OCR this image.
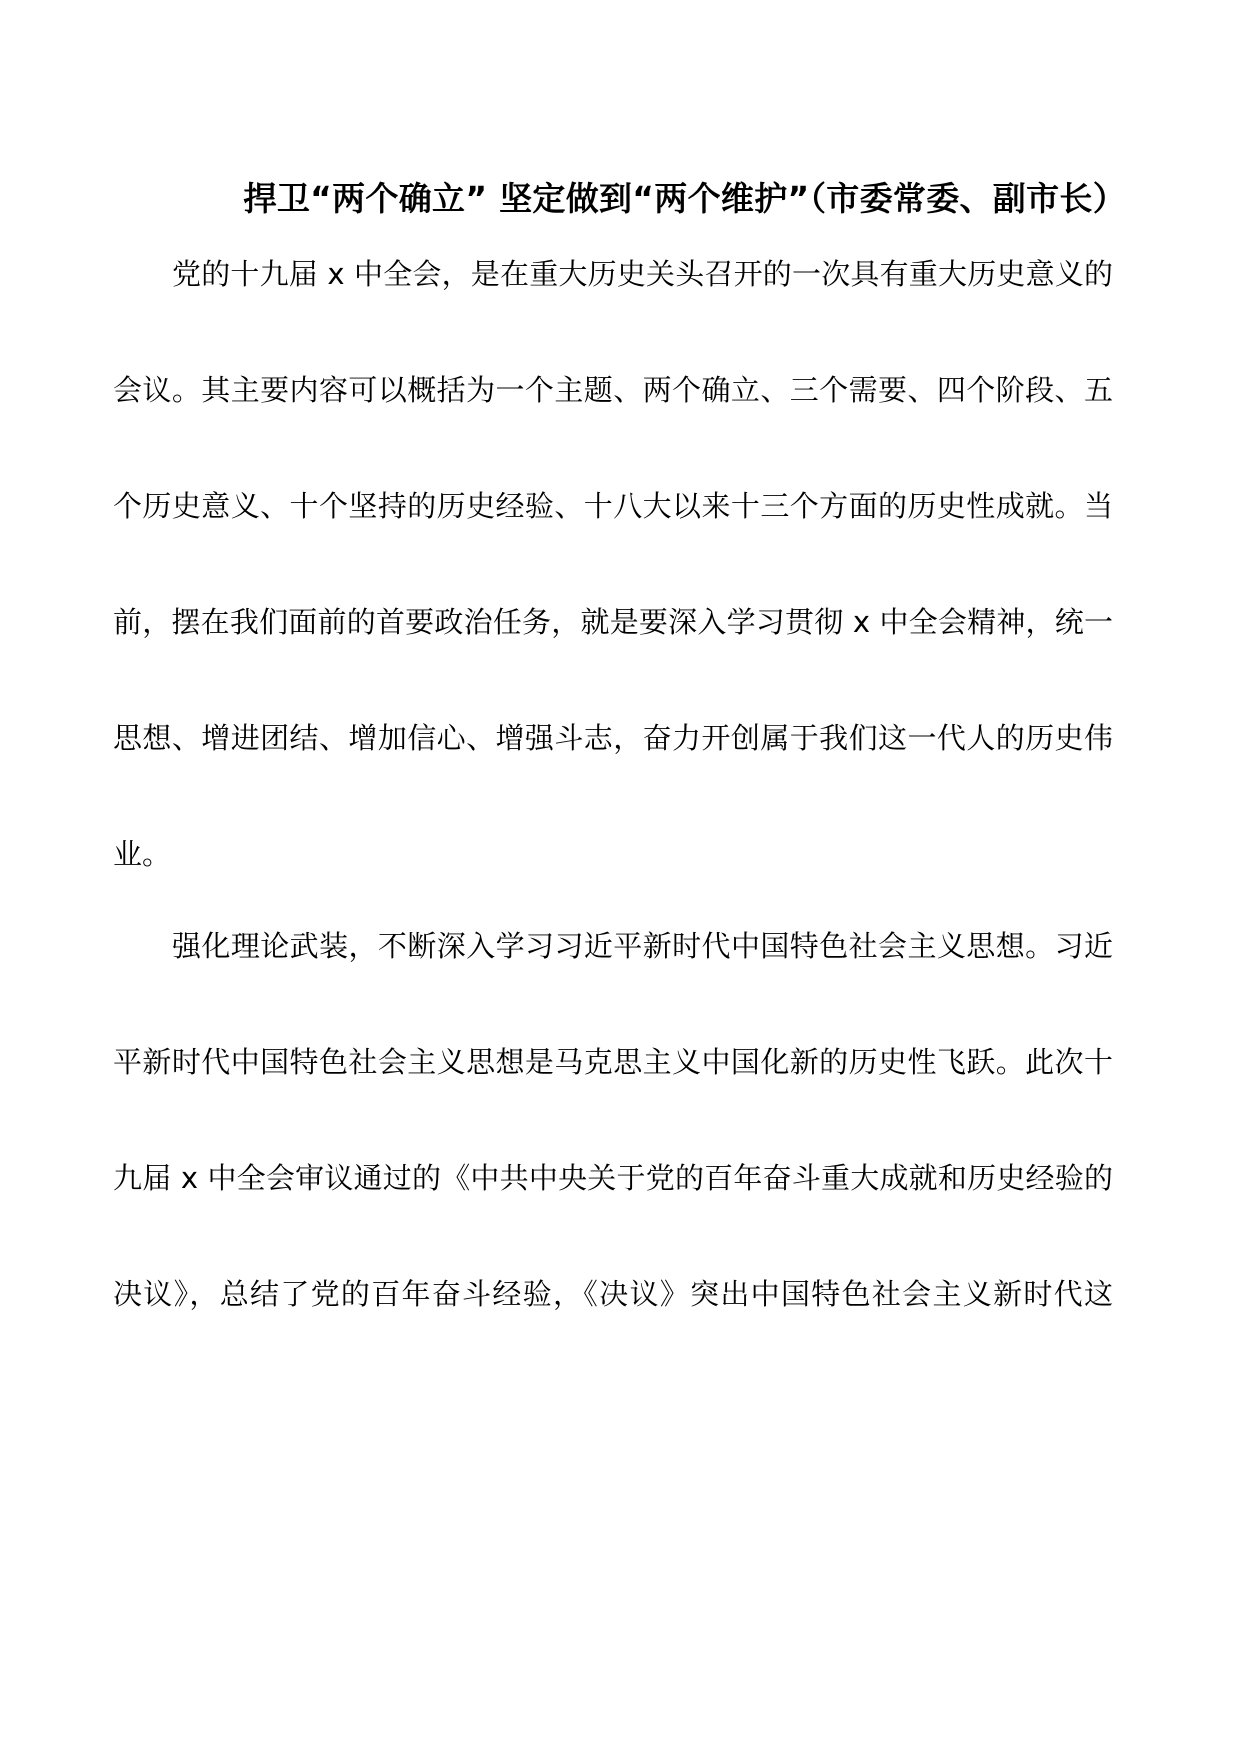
捍卫“两个确立” 坚定做到“两个维护”（市委常委、副市长）

党的十九届 x 中全会，是在重大历史关头召开的一次具有重大历史意义的

会议。其主要内容可以概括为一个主题、两个确立、三个需要、四个阶段、五

个历史意义、十个坚持的历史经验、十八大以来十三个方面的历史性成就。当

前，摆在我们面前的首要政治任务，就是要深入学习贯彻 x 中全会精神，统一

思想、增进团结、增加信心、增强斗志，奋力开创属于我们这一代人的历史伟

业。

强化理论武装，不断深入学习习近平新时代中国特色社会主义思想。习近

平新时代中国特色社会主义思想是马克思主义中国化新的历史性飞跃。此次十

九届 x 中全会审议通过的《中共中央关于党的百年奋斗重大成就和历史经验的

决议》，总结了党的百年奋斗经验，《决议》突出中国特色社会主义新时代这
